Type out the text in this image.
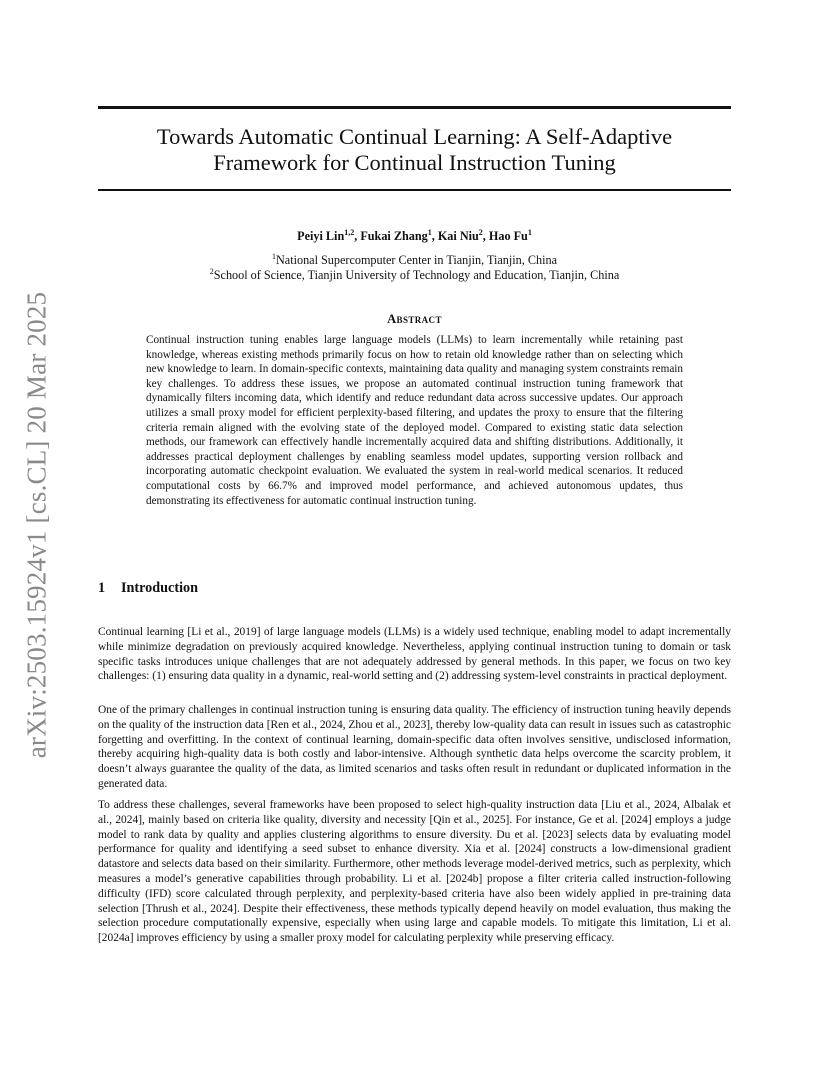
arXiv:2503.15924v1 [cs.CL] 20 Mar 2025
Towards Automatic Continual Learning: A Self-Adaptive
Framework for Continual Instruction Tuning
Peiyi Lin$^{1,2}$, Fukai Zhang$^1$, Kai Niu$^2$, Hao Fu$^1$
$^1$National Supercomputer Center in Tianjin, Tianjin, China
$^2$School of Science, Tianjin University of Technology and Education, Tianjin, China
Abstract

Continual instruction tuning enables large language models (LLMs) to learn incrementally while retaining past knowledge, whereas existing methods primarily focus on how to retain old knowledge rather than on selecting which new knowledge to learn. In domain-specific contexts, maintaining data quality and managing system constraints remain key challenges. To address these issues, we propose an automated continual instruction tuning framework that dynamically filters incoming data, which identify and reduce redundant data across successive updates. Our approach utilizes a small proxy model for efficient perplexity-based filtering, and updates the proxy to ensure that the filtering criteria remain aligned with the evolving state of the deployed model. Compared to existing static data selection methods, our framework can effectively handle incrementally acquired data and shifting distributions. Additionally, it addresses practical deployment challenges by enabling seamless model updates, supporting version rollback and incorporating automatic checkpoint evaluation. We evaluated the system in real-world medical scenarios. It reduced computational costs by 66.7% and improved model performance, and achieved autonomous updates, thus demonstrating its effectiveness for automatic continual instruction tuning.

1 Introduction

Continual learning [Li et al., 2019] of large language models (LLMs) is a widely used technique, enabling model to adapt incrementally while minimize degradation on previously acquired knowledge. Nevertheless, applying continual instruction tuning to domain or task specific tasks introduces unique challenges that are not adequately addressed by general methods. In this paper, we focus on two key challenges: (1) ensuring data quality in a dynamic, real-world setting and (2) addressing system-level constraints in practical deployment.

One of the primary challenges in continual instruction tuning is ensuring data quality. The efficiency of instruction tuning heavily depends on the quality of the instruction data [Ren et al., 2024, Zhou et al., 2023], thereby low-quality data can result in issues such as catastrophic forgetting and overfitting. In the context of continual learning, domain-specific data often involves sensitive, undisclosed information, thereby acquiring high-quality data is both costly and labor-intensive. Although synthetic data helps overcome the scarcity problem, it doesn’t always guarantee the quality of the data, as limited scenarios and tasks often result in redundant or duplicated information in the generated data.

To address these challenges, several frameworks have been proposed to select high-quality instruction data [Liu et al., 2024, Albalak et al., 2024], mainly based on criteria like quality, diversity and necessity [Qin et al., 2025]. For instance, Ge et al. [2024] employs a judge model to rank data by quality and applies clustering algorithms to ensure diversity. Du et al. [2023] selects data by evaluating model performance for quality and identifying a seed subset to enhance diversity. Xia et al. [2024] constructs a low-dimensional gradient datastore and selects data based on their similarity. Furthermore, other methods leverage model-derived metrics, such as perplexity, which measures a model’s generative capabilities through probability. Li et al. [2024b] propose a filter criteria called instruction-following difficulty (IFD) score calculated through perplexity, and perplexity-based criteria have also been widely applied in pre-training data selection [Thrush et al., 2024]. Despite their effectiveness, these methods typically depend heavily on model evaluation, thus making the selection procedure computationally expensive, especially when using large and capable models. To mitigate this limitation, Li et al. [2024a] improves efficiency by using a smaller proxy model for calculating perplexity while preserving efficacy.
